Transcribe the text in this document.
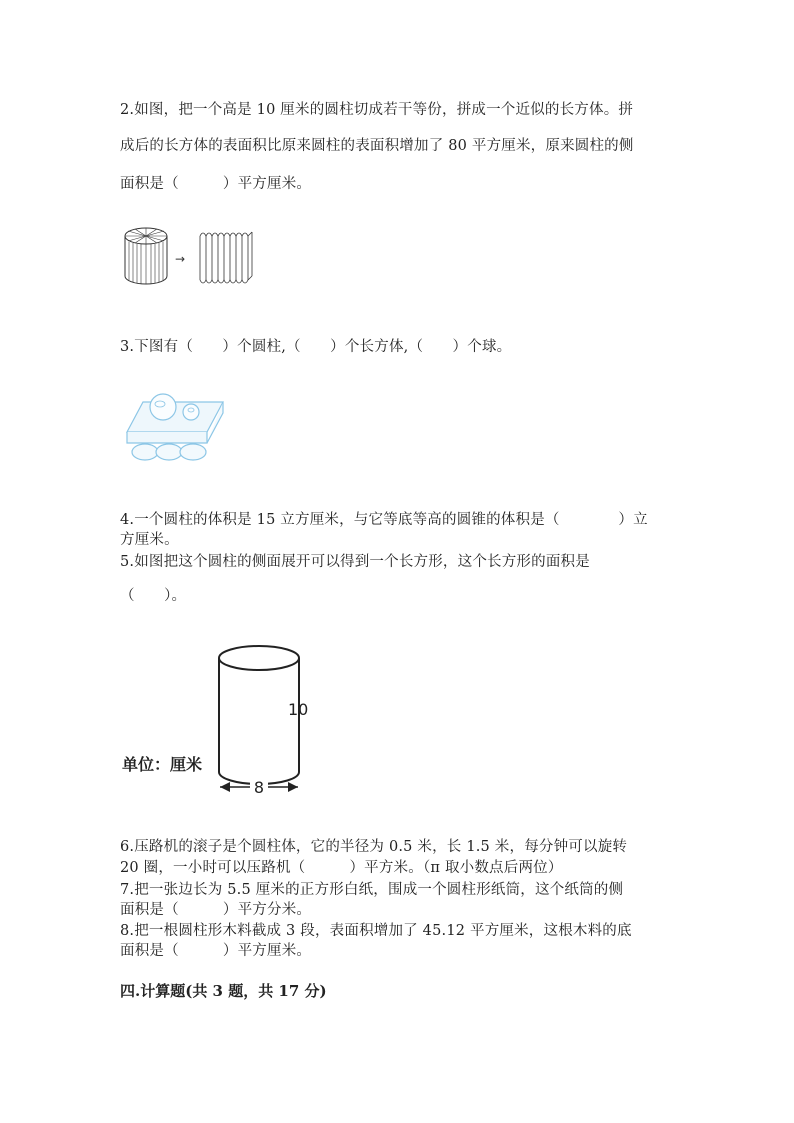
2.如图，把一个高是 10 厘米的圆柱切成若干等份，拼成一个近似的长方体。拼
成后的长方体的表面积比原来圆柱的表面积增加了 80 平方厘米，原来圆柱的侧
面积是（　　　）平方厘米。
→
3.下图有（　　）个圆柱,（　　）个长方体,（　　）个球。
4.一个圆柱的体积是 15 立方厘米，与它等底等高的圆锥的体积是（　　　　）立
方厘米。
5.如图把这个圆柱的侧面展开可以得到一个长方形，这个长方形的面积是
（　　）。
8
10
单位：厘米
6.压路机的滚子是个圆柱体，它的半径为 0.5 米，长 1.5 米，每分钟可以旋转
20 圈，一小时可以压路机（　　　）平方米。（π 取小数点后两位）
7.把一张边长为 5.5 厘米的正方形白纸，围成一个圆柱形纸筒，这个纸筒的侧
面积是（　　　）平方分米。
8.把一根圆柱形木料截成 3 段，表面积增加了 45.12 平方厘米，这根木料的底
面积是（　　　）平方厘米。
四.计算题(共 3 题，共 17 分)
